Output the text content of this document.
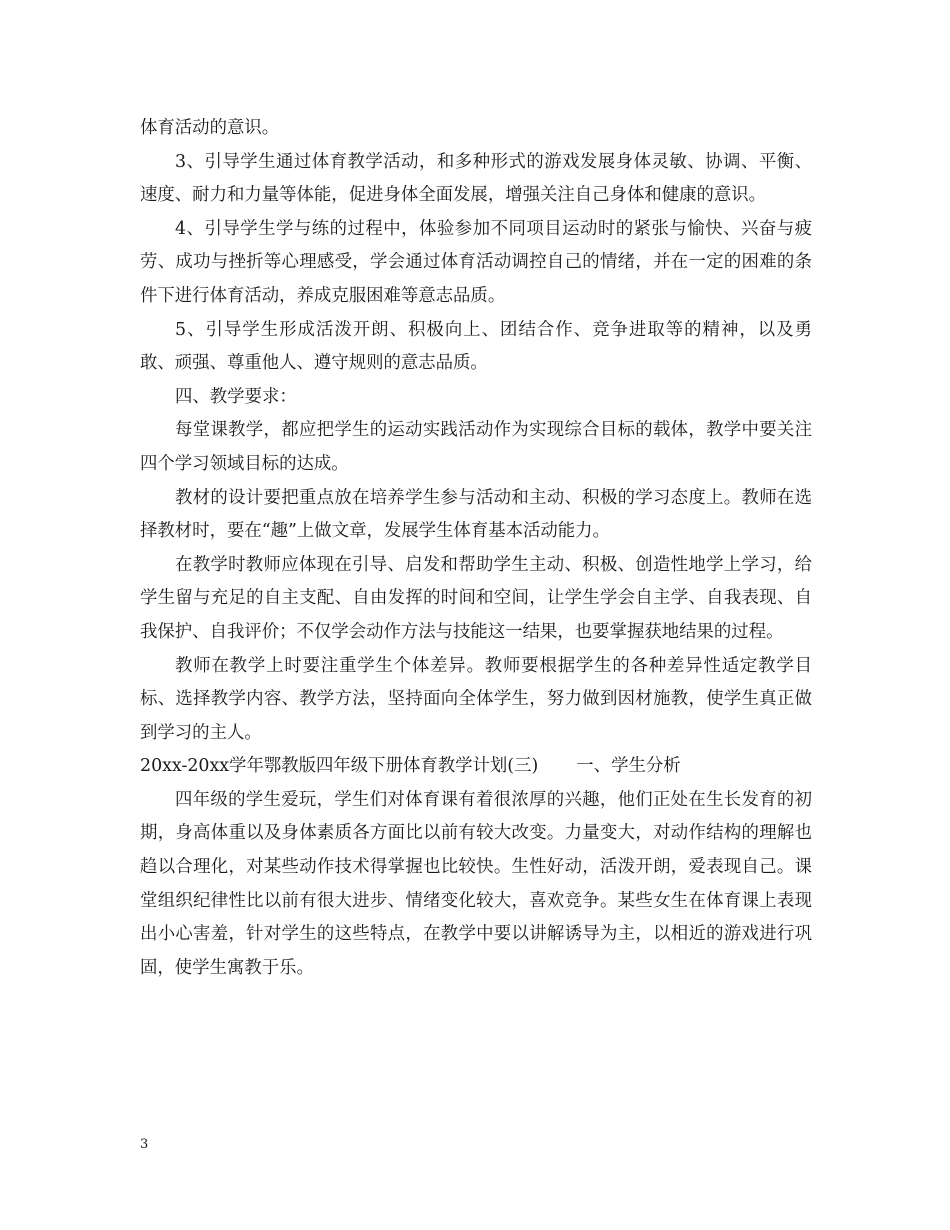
体育活动的意识。

3、引导学生通过体育教学活动，和多种形式的游戏发展身体灵敏、协调、平衡、速度、耐力和力量等体能，促进身体全面发展，增强关注自己身体和健康的意识。

4、引导学生学与练的过程中，体验参加不同项目运动时的紧张与愉快、兴奋与疲劳、成功与挫折等心理感受，学会通过体育活动调控自己的情绪，并在一定的困难的条件下进行体育活动，养成克服困难等意志品质。

5、引导学生形成活泼开朗、积极向上、团结合作、竞争进取等的精神，以及勇敢、顽强、尊重他人、遵守规则的意志品质。

四、教学要求：

每堂课教学，都应把学生的运动实践活动作为实现综合目标的载体，教学中要关注四个学习领域目标的达成。

教材的设计要把重点放在培养学生参与活动和主动、积极的学习态度上。教师在选择教材时，要在“趣”上做文章，发展学生体育基本活动能力。

在教学时教师应体现在引导、启发和帮助学生主动、积极、创造性地学上学习，给学生留与充足的自主支配、自由发挥的时间和空间，让学生学会自主学、自我表现、自我保护、自我评价；不仅学会动作方法与技能这一结果，也要掌握获地结果的过程。

教师在教学上时要注重学生个体差异。教师要根据学生的各种差异性适定教学目标、选择教学内容、教学方法，坚持面向全体学生，努力做到因材施教，使学生真正做到学习的主人。

20xx-20xx学年鄂教版四年级下册体育教学计划(三) 一、学生分析

四年级的学生爱玩，学生们对体育课有着很浓厚的兴趣，他们正处在生长发育的初期，身高体重以及身体素质各方面比以前有较大改变。力量变大，对动作结构的理解也趋以合理化，对某些动作技术得掌握也比较快。生性好动，活泼开朗，爱表现自己。课堂组织纪律性比以前有很大进步、情绪变化较大，喜欢竞争。某些女生在体育课上表现出小心害羞，针对学生的这些特点，在教学中要以讲解诱导为主，以相近的游戏进行巩固，使学生寓教于乐。

3
